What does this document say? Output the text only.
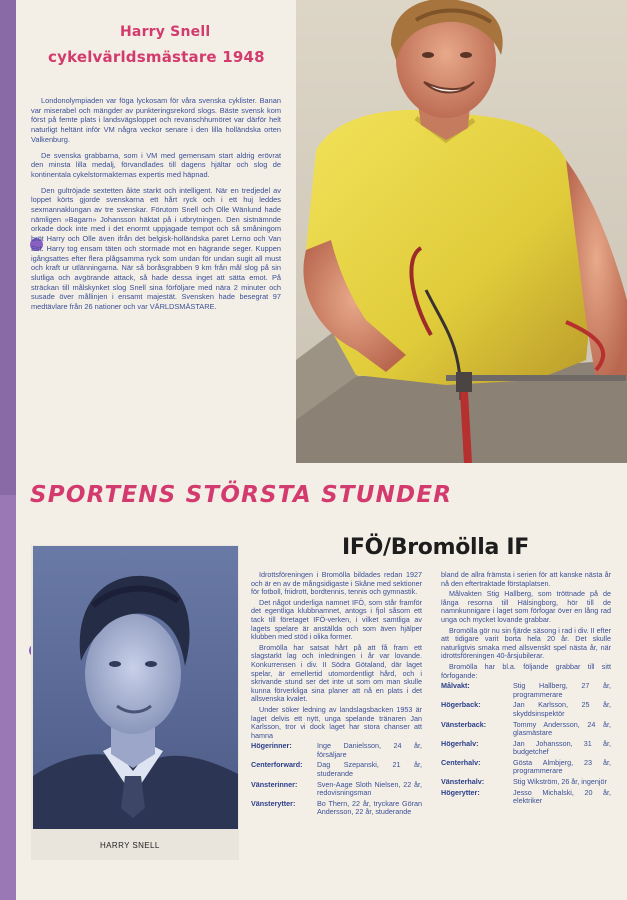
Harry Snell
cykelvärldsmästare 1948

Londonolympiaden var föga lyckosam för våra svenska cyklister. Banan var miserabel och mängder av punkteringsrekord slogs. Bäste svensk kom först på femte plats i landsvägsloppet och revanschhumöret var därför helt naturligt heltänt inför VM några veckor senare i den lilla holländska orten Valkenburg.

De svenska grabbarna, som i VM med gemensam start aldrig erövrat den minsta lilla medalj, förvandlades till dagens hjältar och slog de kontinentala cykelstormakternas expertis med häpnad.

Den gultröjade sextetten åkte starkt och intelligent. När en tredjedel av loppet körts gjorde svenskarna ett hårt ryck och i ett huj leddes sexmannaklungan av tre svenskar. Förutom Snell och Olle Wänlund hade nämligen »Bagarn» Johansson häktat på i utbrytningen. Den sistnämnde orkade dock inte med i det enormt uppjagade tempot och så småningom bröt Harry och Olle även ifrån det belgisk-holländska paret Lerno och Van Est. Harry tog ensam täten och stormade mot en hägrande seger. Kuppen igångsattes efter flera plågsamma ryck som undan för undan sugit all must och kraft ur utlänningarna. När så boråsgrabben 9 km från mål slog på sin slutliga och avgörande attack, så hade dessa inget att sätta emot. På sträckan till målskynket slog Snell sina förföljare med nära 2 minuter och susade över mållinjen i ensamt majestät. Svensken hade besegrat 97 medtävlare från 26 nationer och var VÄRLDSMÄSTARE.

SPORTENS STÖRSTA STUNDER
HARRY SNELL
IFÖ/Bromölla IF

Idrottsföreningen i Bromölla bildades redan 1927 och är en av de mångsidigaste i Skåne med sektioner för fotboll, friidrott, bordtennis, tennis och gymnastik.

Det något underliga namnet IFÖ, som står framför det egentliga klubbnamnet, antogs i fjol såsom ett tack till företaget IFÖ-verken, i vilket samtliga av lagets spelare är anställda och som även hjälper klubben med stöd i olika former.

Bromölla har satsat hårt på att få fram ett slagstarkt lag och inledningen i år var lovande. Konkurrensen i div. II Södra Götaland, där laget spelar, är emellertid utomordentligt hård, och i skrivande stund ser det inte ut som om man skulle kunna förverkliga sina planer att nå en plats i det allsvenska kvalet.

Under söker ledning av landslagsbacken 1953 är laget delvis ett nytt, unga spelande tränaren Jan Karlsson, tror vi dock laget har stora chanser att hamna

Högerinner:	Inge Danielsson, 24 år, försäljare
Centerforward:	Dag Szepanski, 21 år, studerande
Vänsterinner:	Sven-Aage Sloth Nielsen, 22 år, redovisningsman
Vänsterytter:	Bo Thern, 22 år, tryckare Göran Andersson, 22 år, studerande

bland de allra främsta i serien för att kanske nästa år nå den eftertraktade förstaplatsen.

Målvakten Stig Hallberg, som tröttnade på de långa resorna till Hälsingborg, hör till de namnkunnigare i laget som förfogar över en lång rad unga och mycket lovande grabbar.

Bromölla gör nu sin fjärde säsong i rad i div. II efter att tidigare varit borta hela 20 år. Det skulle naturligtvis smaka med allsvenskt spel nästa år, när idrottsföreningen 40-årsjubilerar.

Bromölla har bl.a. följande grabbar till sitt förfogande:

Målvakt:	Stig Hallberg, 27 år, programmerare
Högerback:	Jan Karlsson, 25 år, skyddsinspektör
Vänsterback:	Tommy Andersson, 24 år, glasmästare
Högerhalv:	Jan Johansson, 31 år, budgetchef
Centerhalv:	Gösta Almbjerg, 23 år, programmerare
Vänsterhalv:	Stig Wikström, 26 år, ingenjör
Högerytter:	Jesso Michalski, 20 år, elektriker
